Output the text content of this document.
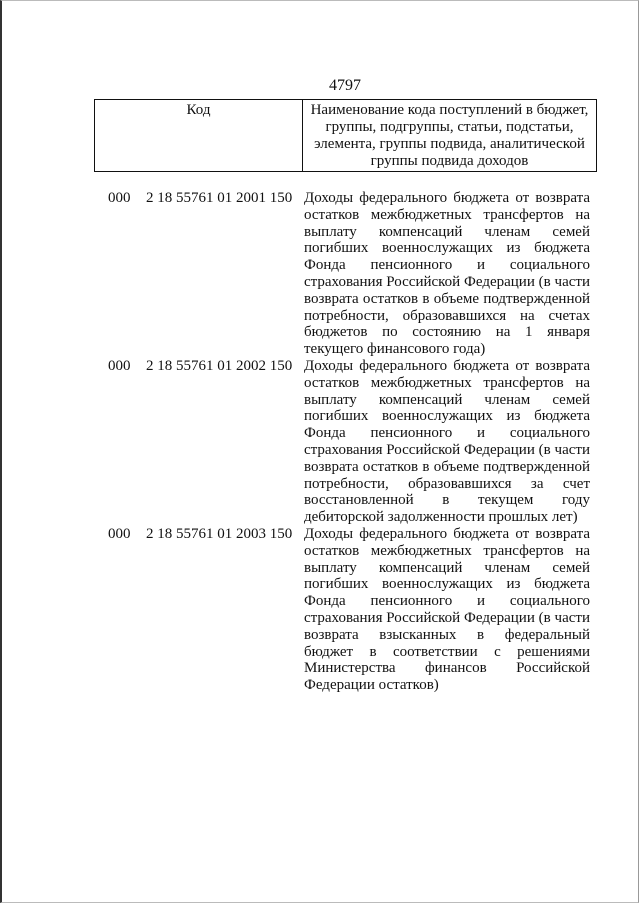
4797
Код	Наименование кода поступлений в бюджет, группы, подгруппы, статьи, подстатьи, элемента, группы подвида, аналитической группы подвида доходов
000	2 18 55761 01 2001 150 Доходы федерального бюджета от возврата остатков межбюджетных трансфертов на выплату компенсаций членам семей погибших военнослужащих из бюджета Фонда пенсионного и социального страхования Российской Федерации (в части возврата остатков в объеме подтвержденной потребности, образовавшихся на счетах бюджетов по состоянию на 1 января текущего финансового года)
000	2 18 55761 01 2002 150 Доходы федерального бюджета от возврата остатков межбюджетных трансфертов на выплату компенсаций членам семей погибших военнослужащих из бюджета Фонда пенсионного и социального страхования Российской Федерации (в части возврата остатков в объеме подтвержденной потребности, образовавшихся за счет восстановленной в текущем году дебиторской задолженности прошлых лет)
000	2 18 55761 01 2003 150 Доходы федерального бюджета от возврата остатков межбюджетных трансфертов на выплату компенсаций членам семей погибших военнослужащих из бюджета Фонда пенсионного и социального страхования Российской Федерации (в части возврата взысканных в федеральный бюджет в соответствии с решениями Министерства финансов Российской Федерации остатков)
